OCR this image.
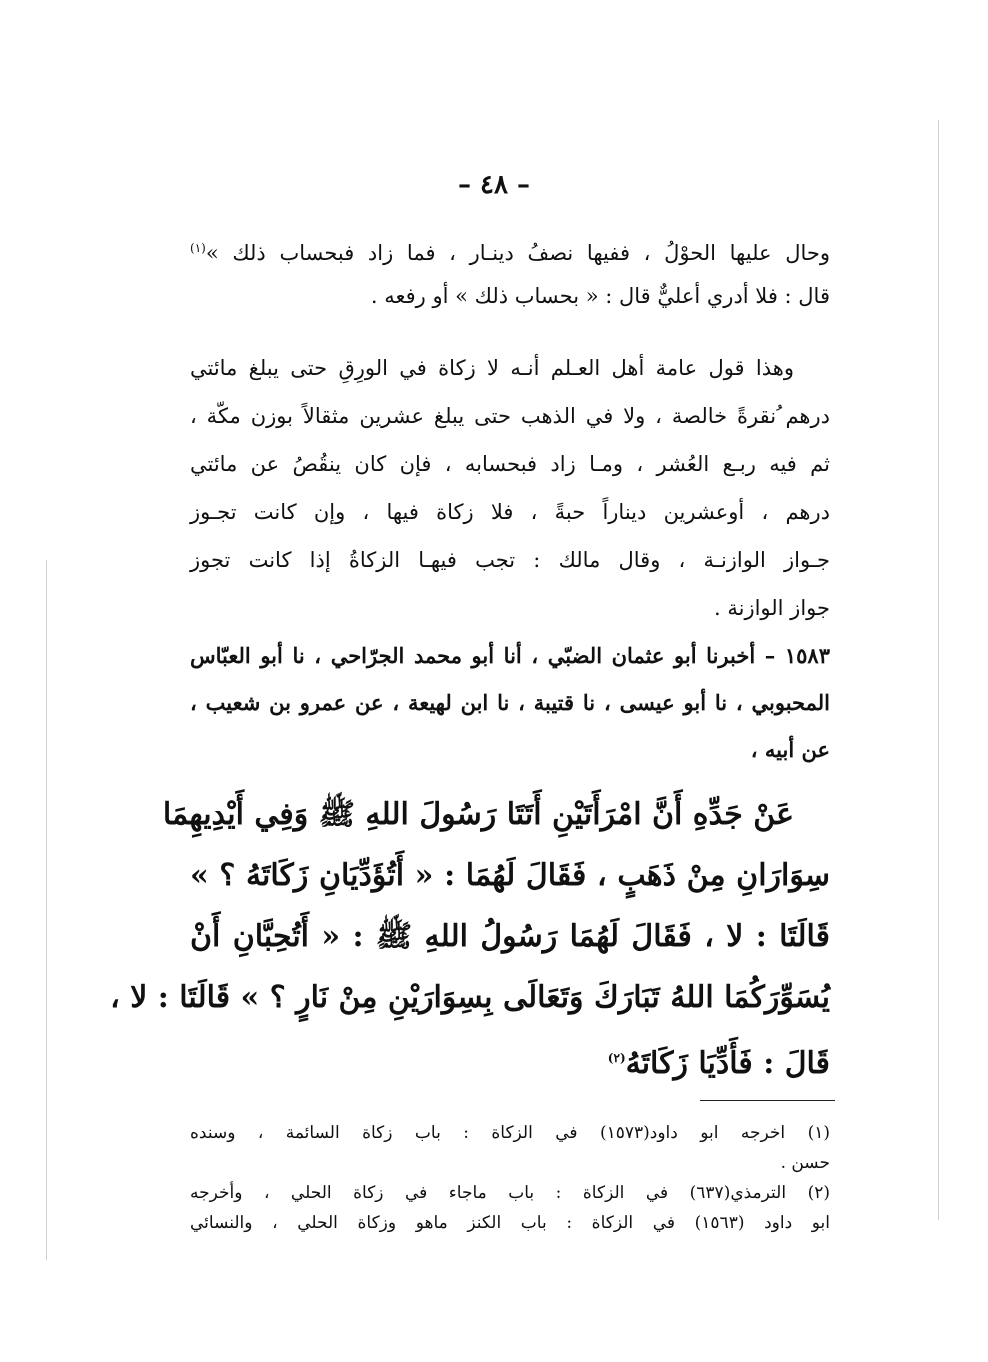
– ٤٨ –
وحال عليها الحوْلُ ، ففيها نصفُ دينـار ، فما زاد فبحساب ذلك »$^{(١)}$
قال : فلا أدري أعليٌّ قال : « بحساب ذلك » أو رفعه .
وهذا قول عامة أهل العـلم أنـه لا زكاة في الورِقِ حتى يبلغ مائتي
درهم ُنقرةً خالصة ، ولا في الذهب حتى يبلغ عشرين مثقالاً بوزن مكّة ،
ثم فيه ربـع العُشر ، ومـا زاد فبحسابه ، فإن كان ينقُصُ عن مائتي
درهم ، أوعشرين ديناراً حبةً ، فلا زكاة فيها ، وإن كانت تجـوز
جـواز الوازنـة ، وقال مالك : تجب فيهـا الزكاةُ إذا كانت تجوز
جواز الوازنة .
١٥٨٣ – أخبرنا أبو عثمان الضبّي ، أنا أبو محمد الجرّاحي ، نا أبو العبّاس
المحبوبي ، نا أبو عيسى ، نا قتيبة ، نا ابن لهيعة ، عن عمرو بن شعيب ،
عن أبيه ،
عَنْ جَدِّهِ أَنَّ امْرَأَتَيْنِ أَتَتَا رَسُولَ اللهِ ﷺ وَفِي أَيْدِيهِمَا
سِوَارَانِ مِنْ ذَهَبٍ ، فَقَالَ لَهُمَا : « أَتُؤَدِّيَانِ زَكَاتَهُ ؟ »
قَالَتَا : لا ، فَقَالَ لَهُمَا رَسُولُ اللهِ ﷺ : « أَتُحِبَّانِ أَنْ
يُسَوِّرَكُمَا اللهُ تَبَارَكَ وَتَعَالَى بِسِوَارَيْنِ مِنْ نَارٍ ؟ » قَالَتَا : لا ،
قَالَ : فَأَدِّيَا زَكَاتَهُ$^{(٢)}$
(١) اخرجه ابو داود(١٥٧٣) في الزكاة : باب زكاة السائمة ، وسنده
حسن .
(٢) الترمذي(٦٣٧) في الزكاة : باب ماجاء في زكاة الحلي ، وأخرجه
ابو داود (١٥٦٣) في الزكاة : باب الكنز ماهو وزكاة الحلي ، والنسائي
